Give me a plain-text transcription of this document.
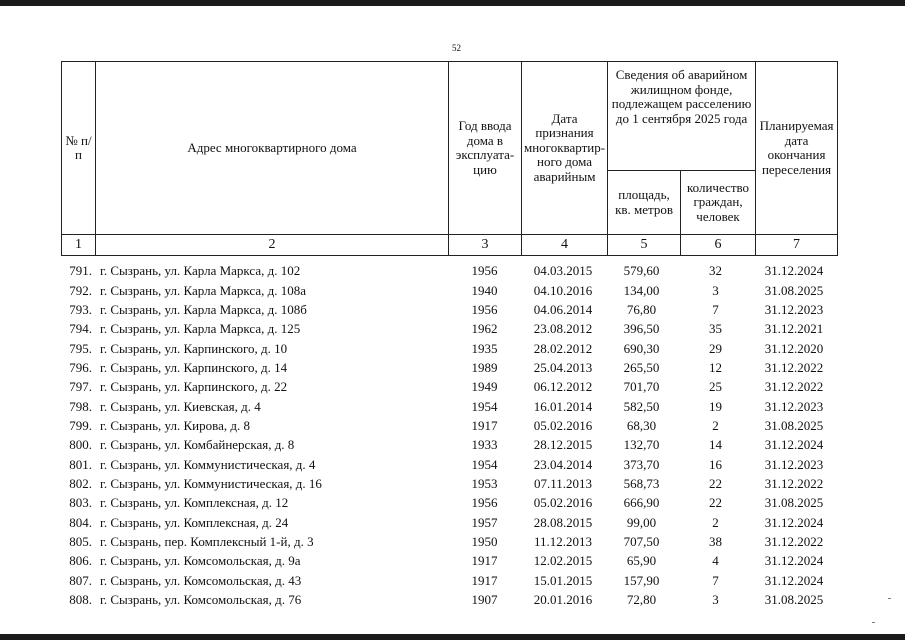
52
№ п/п	Адрес многоквартирного дома	Год ввода дома в эксплуата-цию	Дата признания многоквартир-ного дома аварийным	Сведения об аварийном жилищном фонде, подлежащем расселению до 1 сентября 2025 года		Планируемая дата окончания переселения
				площадь, кв. метров	количество граждан, человек	
1	2	3	4	5	6	7
791.	г. Сызрань, ул. Карла Маркса, д. 102	1956	04.03.2015	579,60	32	31.12.2024
792.	г. Сызрань, ул. Карла Маркса, д. 108а	1940	04.10.2016	134,00	3	31.08.2025
793.	г. Сызрань, ул. Карла Маркса, д. 108б	1956	04.06.2014	76,80	7	31.12.2023
794.	г. Сызрань, ул. Карла Маркса, д. 125	1962	23.08.2012	396,50	35	31.12.2021
795.	г. Сызрань, ул. Карпинского, д. 10	1935	28.02.2012	690,30	29	31.12.2020
796.	г. Сызрань, ул. Карпинского, д. 14	1989	25.04.2013	265,50	12	31.12.2022
797.	г. Сызрань, ул. Карпинского, д. 22	1949	06.12.2012	701,70	25	31.12.2022
798.	г. Сызрань, ул. Киевская, д. 4	1954	16.01.2014	582,50	19	31.12.2023
799.	г. Сызрань, ул. Кирова, д. 8	1917	05.02.2016	68,30	2	31.08.2025
800.	г. Сызрань, ул. Комбайнерская, д. 8	1933	28.12.2015	132,70	14	31.12.2024
801.	г. Сызрань, ул. Коммунистическая, д. 4	1954	23.04.2014	373,70	16	31.12.2023
802.	г. Сызрань, ул. Коммунистическая, д. 16	1953	07.11.2013	568,73	22	31.12.2022
803.	г. Сызрань, ул. Комплексная, д. 12	1956	05.02.2016	666,90	22	31.08.2025
804.	г. Сызрань, ул. Комплексная, д. 24	1957	28.08.2015	99,00	2	31.12.2024
805.	г. Сызрань, пер. Комплексный 1-й, д. 3	1950	11.12.2013	707,50	38	31.12.2022
806.	г. Сызрань, ул. Комсомольская, д. 9а	1917	12.02.2015	65,90	4	31.12.2024
807.	г. Сызрань, ул. Комсомольская, д. 43	1917	15.01.2015	157,90	7	31.12.2024
808.	г. Сызрань, ул. Комсомольская, д. 76	1907	20.01.2016	72,80	3	31.08.2025
